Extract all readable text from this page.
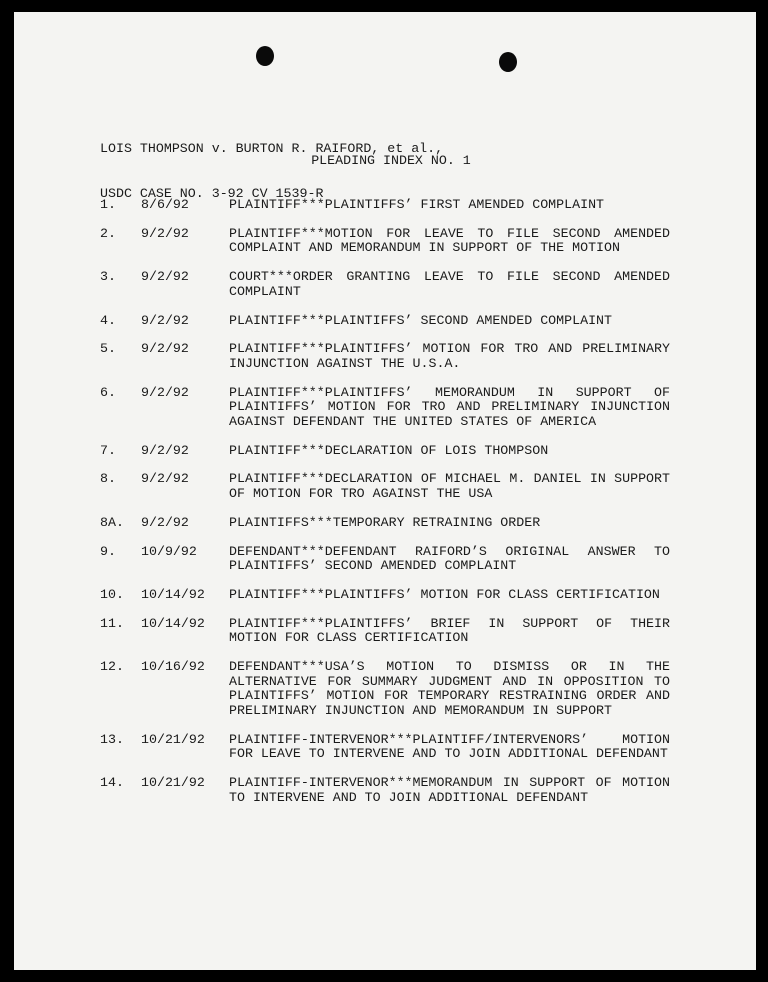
LOIS THOMPSON v. BURTON R. RAIFORD, et al.,

USDC CASE NO. 3-92 CV 1539-R

PLEADING INDEX NO. 1
1.	8/6/92	PLAINTIFF***PLAINTIFFS’ FIRST AMENDED COMPLAINT
2.	9/2/92	PLAINTIFF***MOTION FOR LEAVE TO FILE SECOND AMENDED COMPLAINT AND MEMORANDUM IN SUPPORT OF THE MOTION
3.	9/2/92	COURT***ORDER GRANTING LEAVE TO FILE SECOND AMENDED COMPLAINT
4.	9/2/92	PLAINTIFF***PLAINTIFFS’ SECOND AMENDED COMPLAINT
5.	9/2/92	PLAINTIFF***PLAINTIFFS’ MOTION FOR TRO AND PRELIMINARY INJUNCTION AGAINST THE U.S.A.
6.	9/2/92	PLAINTIFF***PLAINTIFFS’ MEMORANDUM IN SUPPORT OF PLAINTIFFS’ MOTION FOR TRO AND PRELIMINARY INJUNCTION AGAINST DEFENDANT THE UNITED STATES OF AMERICA
7.	9/2/92	PLAINTIFF***DECLARATION OF LOIS THOMPSON
8.	9/2/92	PLAINTIFF***DECLARATION OF MICHAEL M. DANIEL IN SUPPORT OF MOTION FOR TRO AGAINST THE USA
8A.	9/2/92	PLAINTIFFS***TEMPORARY RETRAINING ORDER
9.	10/9/92	DEFENDANT***DEFENDANT RAIFORD’S ORIGINAL ANSWER TO PLAINTIFFS’ SECOND AMENDED COMPLAINT
10.	10/14/92	PLAINTIFF***PLAINTIFFS’ MOTION FOR CLASS CERTIFICATION
11.	10/14/92	PLAINTIFF***PLAINTIFFS’ BRIEF IN SUPPORT OF THEIR MOTION FOR CLASS CERTIFICATION
12.	10/16/92	DEFENDANT***USA’S MOTION TO DISMISS OR IN THE ALTERNATIVE FOR SUMMARY JUDGMENT AND IN OPPOSITION TO PLAINTIFFS’ MOTION FOR TEMPORARY RESTRAINING ORDER AND PRELIMINARY INJUNCTION AND MEMORANDUM IN SUPPORT
13.	10/21/92	PLAINTIFF-INTERVENOR***PLAINTIFF/INTERVENORS’ MOTION FOR LEAVE TO INTERVENE AND TO JOIN ADDITIONAL DEFENDANT
14.	10/21/92	PLAINTIFF-INTERVENOR***MEMORANDUM IN SUPPORT OF MOTION TO INTERVENE AND TO JOIN ADDITIONAL DEFENDANT
